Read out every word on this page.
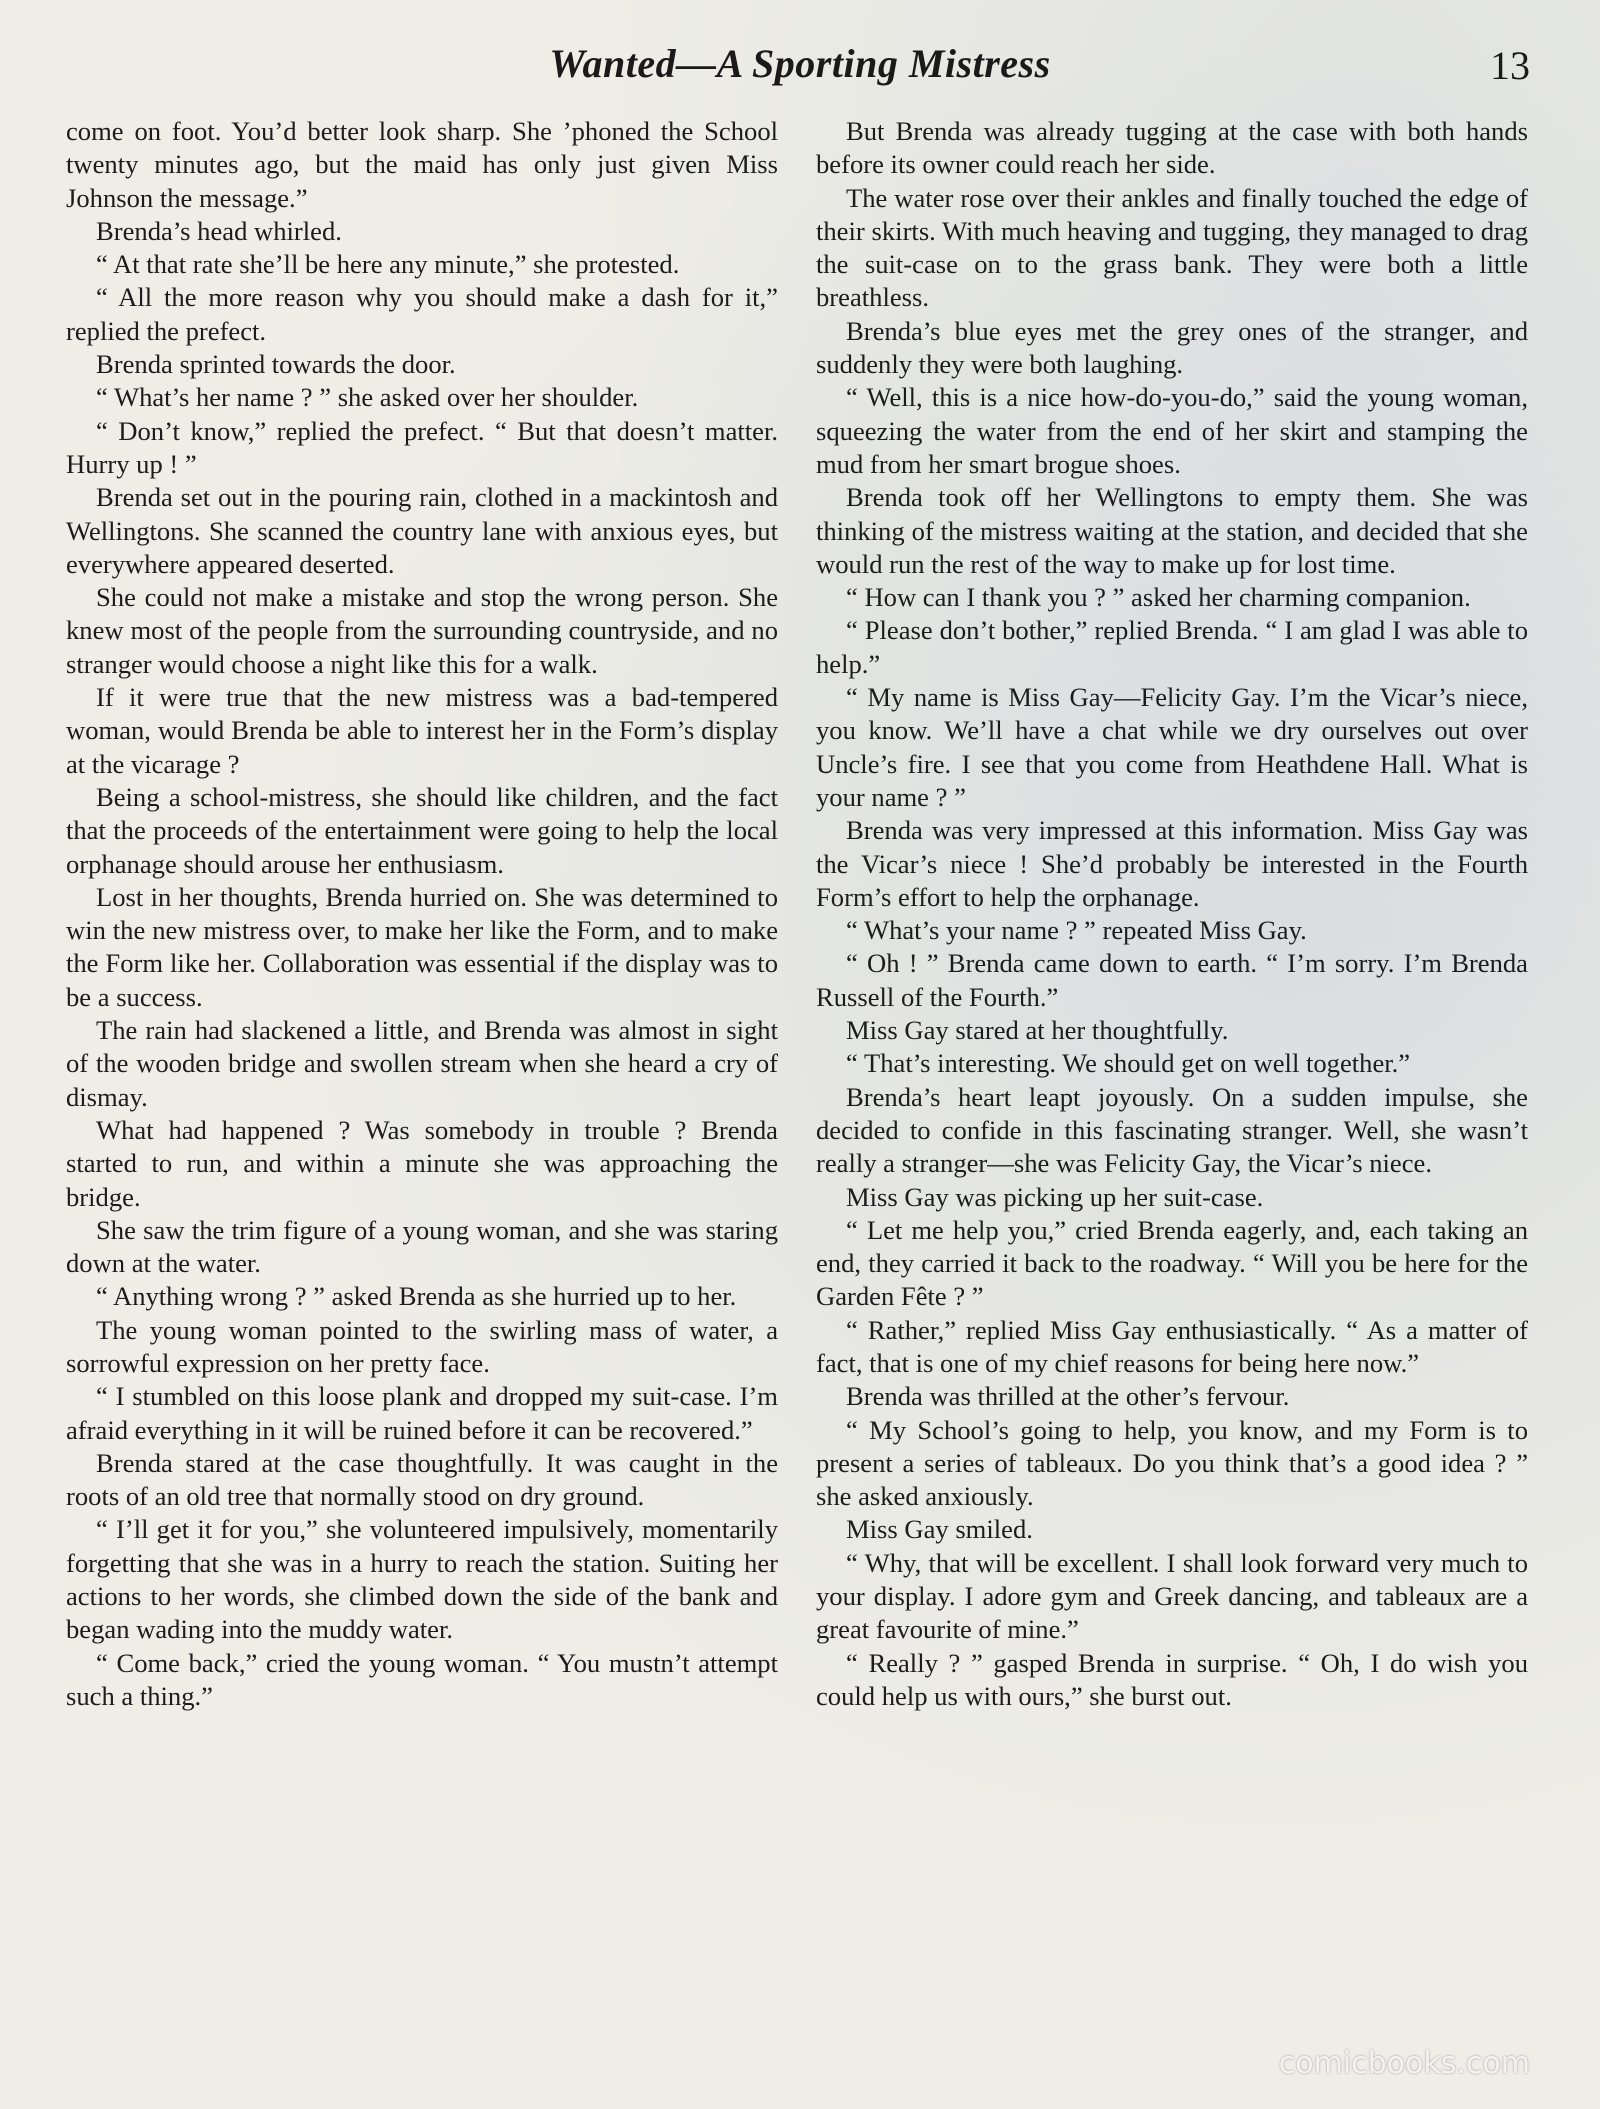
Wanted—A Sporting Mistress	13

come on foot. You’d better look sharp. She ’phoned the School twenty minutes ago, but the maid has only just given Miss Johnson the message.”

Brenda’s head whirled.

“ At that rate she’ll be here any minute,” she protested.

“ All the more reason why you should make a dash for it,” replied the prefect.

Brenda sprinted towards the door.

“ What’s her name ? ” she asked over her shoulder.

“ Don’t know,” replied the prefect. “ But that doesn’t matter. Hurry up ! ”

Brenda set out in the pouring rain, clothed in a mackintosh and Wellingtons. She scanned the country lane with anxious eyes, but everywhere appeared deserted.

She could not make a mistake and stop the wrong person. She knew most of the people from the surrounding countryside, and no stranger would choose a night like this for a walk.

If it were true that the new mistress was a bad-tempered woman, would Brenda be able to interest her in the Form’s display at the vicarage ?

Being a school-mistress, she should like children, and the fact that the proceeds of the entertainment were going to help the local orphanage should arouse her enthusiasm.

Lost in her thoughts, Brenda hurried on. She was determined to win the new mistress over, to make her like the Form, and to make the Form like her. Collaboration was essential if the display was to be a success.

The rain had slackened a little, and Brenda was almost in sight of the wooden bridge and swollen stream when she heard a cry of dismay.

What had happened ? Was somebody in trouble ? Brenda started to run, and within a minute she was approaching the bridge.

She saw the trim figure of a young woman, and she was staring down at the water.

“ Anything wrong ? ” asked Brenda as she hurried up to her.

The young woman pointed to the swirling mass of water, a sorrowful expression on her pretty face.

“ I stumbled on this loose plank and dropped my suit-case. I’m afraid everything in it will be ruined before it can be recovered.”

Brenda stared at the case thoughtfully. It was caught in the roots of an old tree that normally stood on dry ground.

“ I’ll get it for you,” she volunteered impulsively, momentarily forgetting that she was in a hurry to reach the station. Suiting her actions to her words, she climbed down the side of the bank and began wading into the muddy water.

“ Come back,” cried the young woman. “ You mustn’t attempt such a thing.”

But Brenda was already tugging at the case with both hands before its owner could reach her side.

The water rose over their ankles and finally touched the edge of their skirts. With much heaving and tugging, they managed to drag the suit-case on to the grass bank. They were both a little breathless.

Brenda’s blue eyes met the grey ones of the stranger, and suddenly they were both laughing.

“ Well, this is a nice how-do-you-do,” said the young woman, squeezing the water from the end of her skirt and stamping the mud from her smart brogue shoes.

Brenda took off her Wellingtons to empty them. She was thinking of the mistress waiting at the station, and decided that she would run the rest of the way to make up for lost time.

“ How can I thank you ? ” asked her charming companion.

“ Please don’t bother,” replied Brenda. “ I am glad I was able to help.”

“ My name is Miss Gay—Felicity Gay. I’m the Vicar’s niece, you know. We’ll have a chat while we dry ourselves out over Uncle’s fire. I see that you come from Heathdene Hall. What is your name ? ”

Brenda was very impressed at this information. Miss Gay was the Vicar’s niece ! She’d probably be interested in the Fourth Form’s effort to help the orphanage.

“ What’s your name ? ” repeated Miss Gay.

“ Oh ! ” Brenda came down to earth. “ I’m sorry. I’m Brenda Russell of the Fourth.”

Miss Gay stared at her thoughtfully.

“ That’s interesting. We should get on well together.”

Brenda’s heart leapt joyously. On a sudden impulse, she decided to confide in this fascinating stranger. Well, she wasn’t really a stranger—she was Felicity Gay, the Vicar’s niece.

Miss Gay was picking up her suit-case.

“ Let me help you,” cried Brenda eagerly, and, each taking an end, they carried it back to the roadway. “ Will you be here for the Garden Fête ? ”

“ Rather,” replied Miss Gay enthusiastically. “ As a matter of fact, that is one of my chief reasons for being here now.”

Brenda was thrilled at the other’s fervour.

“ My School’s going to help, you know, and my Form is to present a series of tableaux. Do you think that’s a good idea ? ” she asked anxiously.

Miss Gay smiled.

“ Why, that will be excellent. I shall look forward very much to your display. I adore gym and Greek dancing, and tableaux are a great favourite of mine.”

“ Really ? ” gasped Brenda in surprise. “ Oh, I do wish you could help us with ours,” she burst out.

comicbooks.com
